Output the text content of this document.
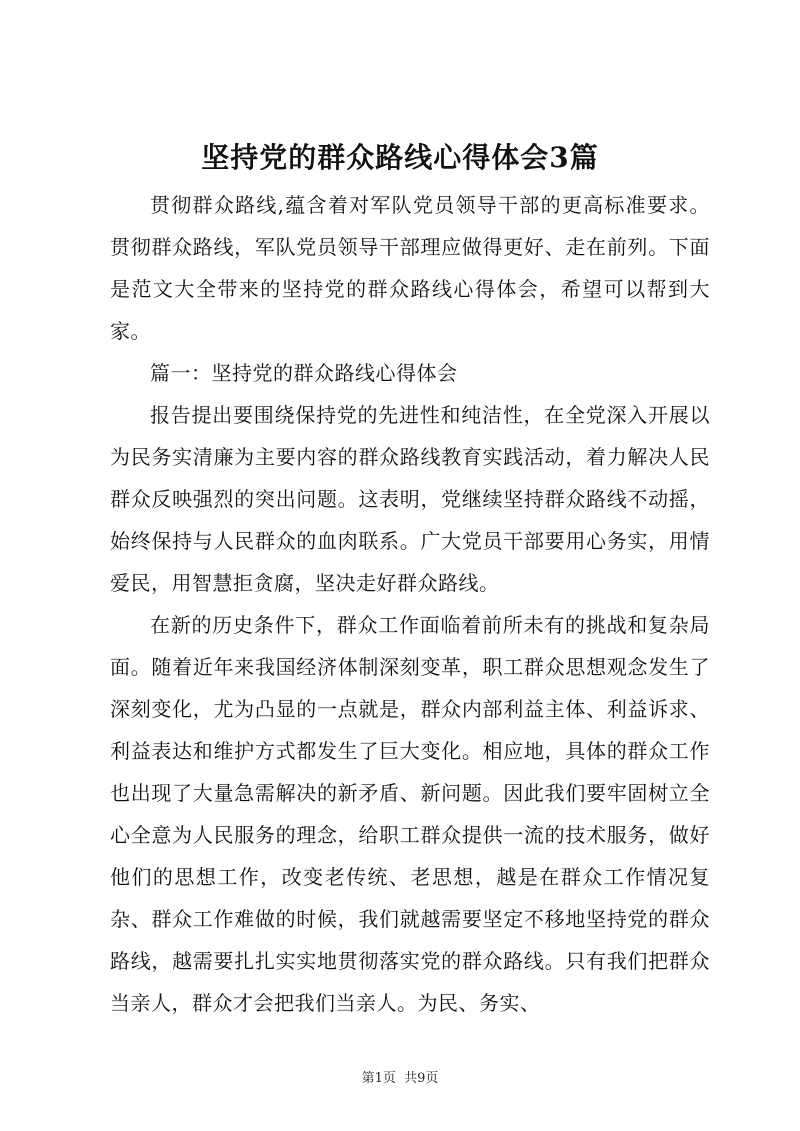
坚持党的群众路线心得体会3篇

贯彻群众路线,蕴含着对军队党员领导干部的更高标准要求。贯彻群众路线，军队党员领导干部理应做得更好、走在前列。下面是范文大全带来的坚持党的群众路线心得体会，希望可以帮到大家。

篇一：坚持党的群众路线心得体会

报告提出要围绕保持党的先进性和纯洁性，在全党深入开展以为民务实清廉为主要内容的群众路线教育实践活动，着力解决人民群众反映强烈的突出问题。这表明，党继续坚持群众路线不动摇，始终保持与人民群众的血肉联系。广大党员干部要用心务实，用情爱民，用智慧拒贪腐，坚决走好群众路线。

在新的历史条件下，群众工作面临着前所未有的挑战和复杂局面。随着近年来我国经济体制深刻变革，职工群众思想观念发生了深刻变化，尤为凸显的一点就是，群众内部利益主体、利益诉求、利益表达和维护方式都发生了巨大变化。相应地，具体的群众工作也出现了大量急需解决的新矛盾、新问题。因此我们要牢固树立全心全意为人民服务的理念，给职工群众提供一流的技术服务，做好他们的思想工作，改变老传统、老思想，越是在群众工作情况复杂、群众工作难做的时候，我们就越需要坚定不移地坚持党的群众路线，越需要扎扎实实地贯彻落实党的群众路线。只有我们把群众当亲人，群众才会把我们当亲人。为民、务实、

第1页 共9页
